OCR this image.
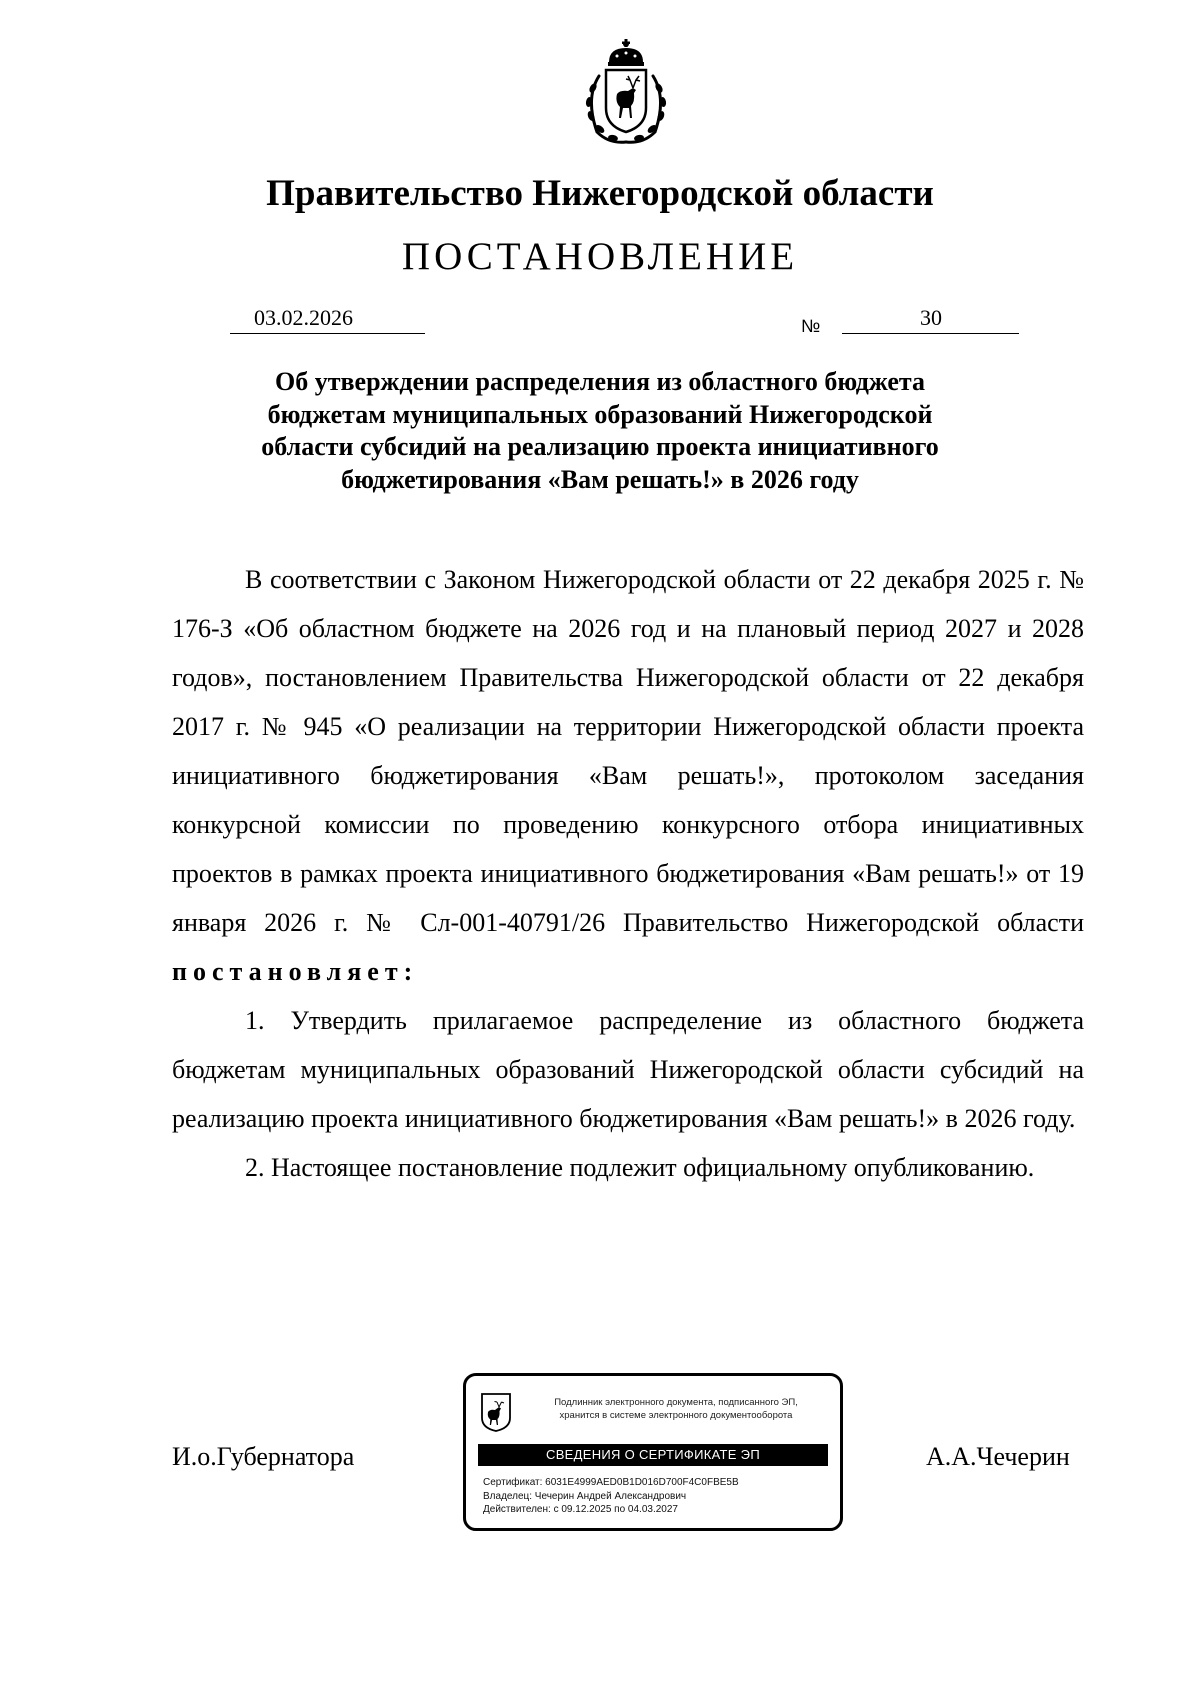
Правительство Нижегородской области
ПОСТАНОВЛЕНИЕ
03.02.2026	№	30
Об утверждении распределения из областного бюджета
бюджетам муниципальных образований Нижегородской
области субсидий на реализацию проекта инициативного
бюджетирования «Вам решать!» в 2026 году

В соответствии с Законом Нижегородской области от 22 декабря 2025 г. № 176-З «Об областном бюджете на 2026 год и на плановый период 2027 и 2028 годов», постановлением Правительства Нижегородской области от 22 декабря 2017 г. № 945 «О реализации на территории Нижегородской области проекта инициативного бюджетирования «Вам решать!», протоколом заседания конкурсной комиссии по проведению конкурсного отбора инициативных проектов в рамках проекта инициативного бюджетирования «Вам решать!» от 19 января 2026 г. № Сл-001-40791/26 Правительство Нижегородской области постановляет:

1. Утвердить прилагаемое распределение из областного бюджета бюджетам муниципальных образований Нижегородской области субсидий на реализацию проекта инициативного бюджетирования «Вам решать!» в 2026 году.

2. Настоящее постановление подлежит официальному опубликованию.

И.о.Губернатора	А.А.Чечерин
Подлинник электронного документа, подписанного ЭП,
хранится в системе электронного документооборота
СВЕДЕНИЯ О СЕРТИФИКАТЕ ЭП
Сертификат: 6031E4999AED0B1D016D700F4C0FBE5B
Владелец: Чечерин Андрей Александрович
Действителен: с 09.12.2025 по 04.03.2027
